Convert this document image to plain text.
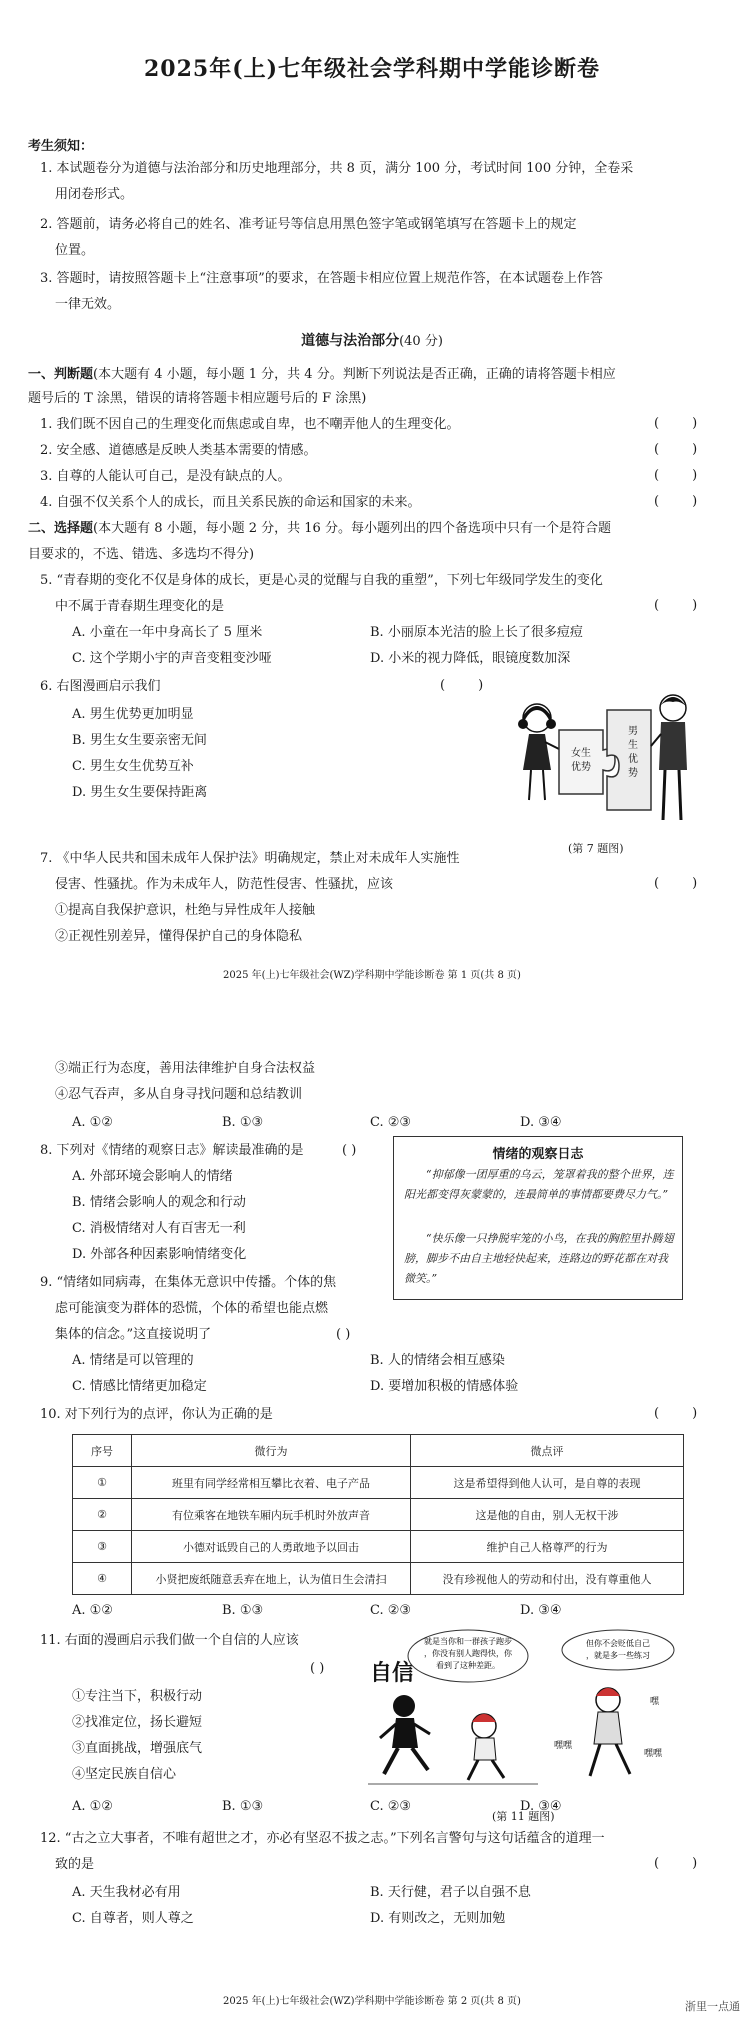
2025年(上)七年级社会学科期中学能诊断卷
考生须知：
1. 本试题卷分为道德与法治部分和历史地理部分，共 8 页，满分 100 分，考试时间 100 分钟，全卷采
用闭卷形式。
2. 答题前，请务必将自己的姓名、准考证号等信息用黑色签字笔或钢笔填写在答题卡上的规定
位置。
3. 答题时，请按照答题卡上“注意事项”的要求，在答题卡相应位置上规范作答，在本试题卷上作答
一律无效。
道德与法治部分(40 分)
一、判断题(本大题有 4 小题，每小题 1 分，共 4 分。判断下列说法是否正确，正确的请将答题卡相应
题号后的 T 涂黑，错误的请将答题卡相应题号后的 F 涂黑)
1. 我们既不因自己的生理变化而焦虑或自卑，也不嘲弄他人的生理变化。	(        )
2. 安全感、道德感是反映人类基本需要的情感。	(        )
3. 自尊的人能认可自己，是没有缺点的人。	(        )
4. 自强不仅关系个人的成长，而且关系民族的命运和国家的未来。	(        )
二、选择题(本大题有 8 小题，每小题 2 分，共 16 分。每小题列出的四个备选项中只有一个是符合题
目要求的，不选、错选、多选均不得分)
5. “青春期的变化不仅是身体的成长，更是心灵的觉醒与自我的重塑”，下列七年级同学发生的变化
中不属于青春期生理变化的是	(        )
A. 小童在一年中身高长了 5 厘米	B. 小丽原本光洁的脸上长了很多痘痘
C. 这个学期小宇的声音变粗变沙哑	D. 小米的视力降低，眼镜度数加深
6. 右图漫画启示我们	(        )
A. 男生优势更加明显
B. 男生女生要亲密无间
C. 男生女生优势互补
D. 男生女生要保持距离
女生
优势
男
生
优
势
(第 7 题图)
7. 《中华人民共和国未成年人保护法》明确规定，禁止对未成年人实施性
侵害、性骚扰。作为未成年人，防范性侵害、性骚扰，应该	(        )
①提高自我保护意识，杜绝与异性成年人接触
②正视性别差异，懂得保护自己的身体隐私
2025 年(上)七年级社会(WZ)学科期中学能诊断卷 第 1 页(共 8 页)
③端正行为态度，善用法律维护自身合法权益
④忍气吞声，多从自身寻找问题和总结教训
A. ①②	B. ①③	C. ②③	D. ③④
8. 下列对《情绪的观察日志》解读最准确的是	( )
A. 外部环境会影响人的情绪
B. 情绪会影响人的观念和行动
C. 消极情绪对人有百害无一利
D. 外部各种因素影响情绪变化
情绪的观察日志
“抑郁像一团厚重的乌云，笼罩着我的整个世界，连阳光都变得灰蒙蒙的，连最简单的事情都要费尽力气。”
“快乐像一只挣脱牢笼的小鸟，在我的胸腔里扑腾翅膀，脚步不由自主地轻快起来，连路边的野花都在对我微笑。”
9. “情绪如同病毒，在集体无意识中传播。个体的焦
虑可能演变为群体的恐慌，个体的希望也能点燃
集体的信念。”这直接说明了	( )
A. 情绪是可以管理的	B. 人的情绪会相互感染
C. 情感比情绪更加稳定	D. 要增加积极的情感体验
10. 对下列行为的点评，你认为正确的是	(        )
序号	微行为	微点评
①	班里有同学经常相互攀比衣着、电子产品	这是希望得到他人认可，是自尊的表现
②	有位乘客在地铁车厢内玩手机时外放声音	这是他的自由，别人无权干涉
③	小德对诋毁自己的人勇敢地予以回击	维护自己人格尊严的行为
④	小贤把废纸随意丢弃在地上，认为值日生会清扫	没有珍视他人的劳动和付出，没有尊重他人
A. ①②	B. ①③	C. ②③	D. ③④
11. 右面的漫画启示我们做一个自信的人应该
( )
①专注当下，积极行动
②找准定位，扬长避短
③直面挑战，增强底气
④坚定民族自信心
自信
就是当你和一群孩子跑步
，你没有别人跑得快，你
看到了这种差距。
但你不会贬低自己
，就是多一些练习
嘿
嘿嘿
嘿嘿
(第 11 题图)
A. ①②	B. ①③	C. ②③	D. ③④
12. “古之立大事者，不唯有超世之才，亦必有坚忍不拔之志。”下列名言警句与这句话蕴含的道理一
致的是	(        )
A. 天生我材必有用	B. 天行健，君子以自强不息
C. 自尊者，则人尊之	D. 有则改之，无则加勉
2025 年(上)七年级社会(WZ)学科期中学能诊断卷 第 2 页(共 8 页)	浙里一点通
